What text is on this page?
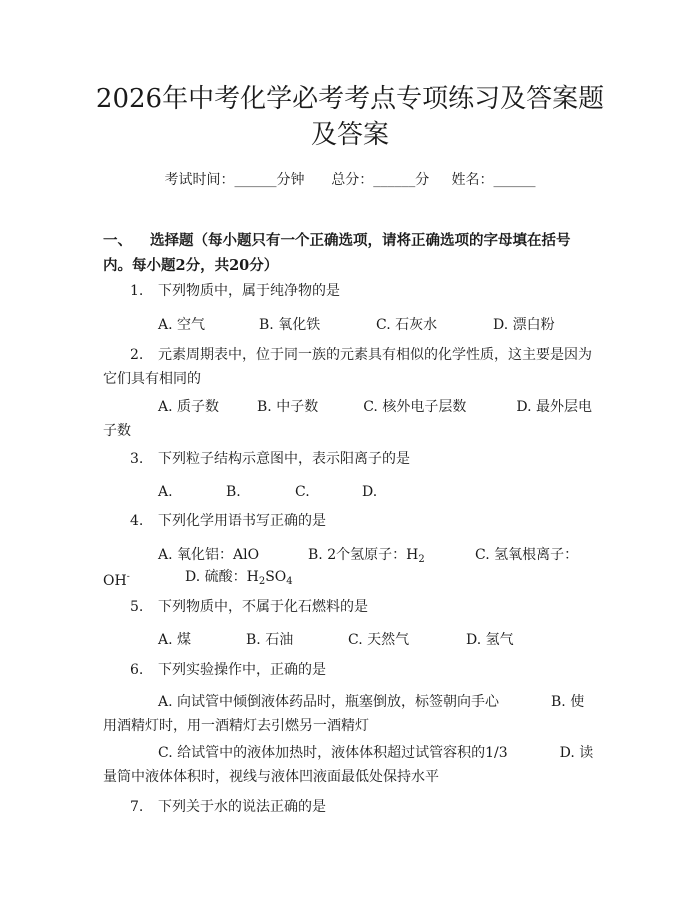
2026年中考化学必考考点专项练习及答案题
及答案
考试时间：______分钟 总分：______分 姓名：______
一、 选择题（每小题只有一个正确选项，请将正确选项的字母填在括号内。每小题2分，共20分）
1. 下列物质中，属于纯净物的是
A. 空气	B. 氧化铁	C. 石灰水	D. 漂白粉
2. 元素周期表中，位于同一族的元素具有相似的化学性质，这主要是因为它们具有相同的
A. 质子数	B. 中子数	C. 核外电子层数	D. 最外层电子数
3. 下列粒子结构示意图中，表示阳离子的是
A.	B.	C.	D.
4. 下列化学用语书写正确的是
A. 氧化铝：AlO	B. 2个氢原子：$H_2$	C. 氢氧根离子：
OH-	D. 硫酸：$H_2SO_4$
5. 下列物质中，不属于化石燃料的是
A. 煤	B. 石油	C. 天然气	D. 氢气
6. 下列实验操作中，正确的是
A. 向试管中倾倒液体药品时，瓶塞倒放，标签朝向手心	B. 使用酒精灯时，用一酒精灯去引燃另一酒精灯
C. 给试管中的液体加热时，液体体积超过试管容积的1/3	D. 读量筒中液体体积时，视线与液体凹液面最低处保持水平
7. 下列关于水的说法正确的是
